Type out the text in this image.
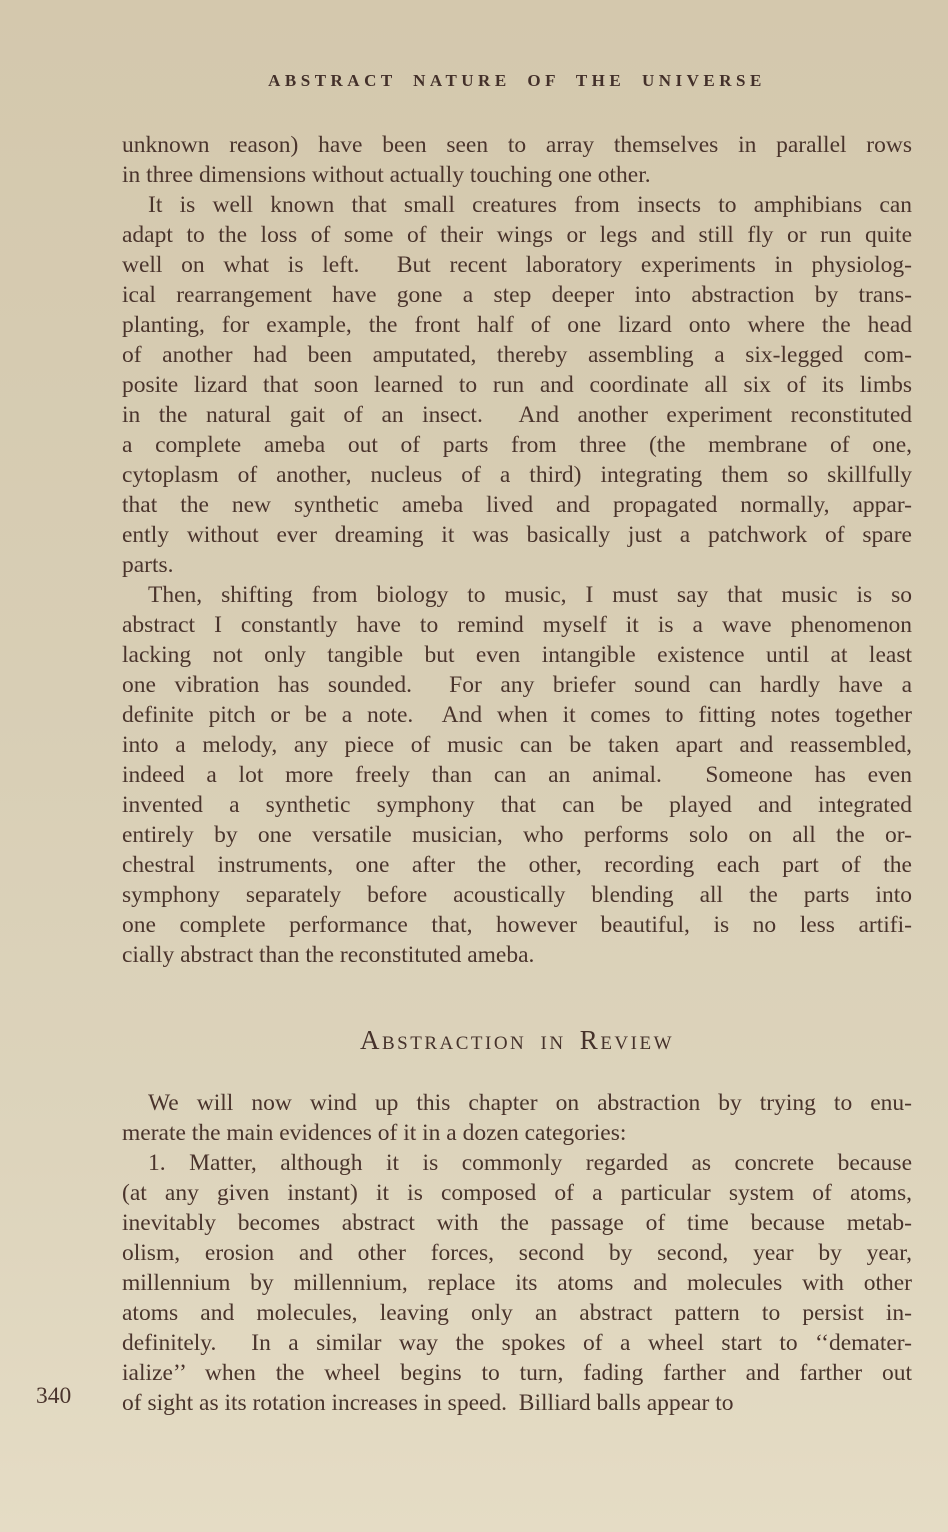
ABSTRACT NATURE OF THE UNIVERSE
unknown reason) have been seen to array themselves in parallel rows
in three dimensions without actually touching one other.
It is well known that small creatures from insects to amphibians can
adapt to the loss of some of their wings or legs and still fly or run quite
well on what is left.  But recent laboratory experiments in physiolog-
ical rearrangement have gone a step deeper into abstraction by trans-
planting, for example, the front half of one lizard onto where the head
of another had been amputated, thereby assembling a six-legged com-
posite lizard that soon learned to run and coordinate all six of its limbs
in the natural gait of an insect.  And another experiment reconstituted
a complete ameba out of parts from three (the membrane of one,
cytoplasm of another, nucleus of a third) integrating them so skillfully
that the new synthetic ameba lived and propagated normally, appar-
ently without ever dreaming it was basically just a patchwork of spare
parts.
Then, shifting from biology to music, I must say that music is so
abstract I constantly have to remind myself it is a wave phenomenon
lacking not only tangible but even intangible existence until at least
one vibration has sounded.  For any briefer sound can hardly have a
definite pitch or be a note.  And when it comes to fitting notes together
into a melody, any piece of music can be taken apart and reassembled,
indeed a lot more freely than can an animal.  Someone has even
invented a synthetic symphony that can be played and integrated
entirely by one versatile musician, who performs solo on all the or-
chestral instruments, one after the other, recording each part of the
symphony separately before acoustically blending all the parts into
one complete performance that, however beautiful, is no less artifi-
cially abstract than the reconstituted ameba.
Abstraction in Review
We will now wind up this chapter on abstraction by trying to enu-
merate the main evidences of it in a dozen categories:
1. Matter, although it is commonly regarded as concrete because
(at any given instant) it is composed of a particular system of atoms,
inevitably becomes abstract with the passage of time because metab-
olism, erosion and other forces, second by second, year by year,
millennium by millennium, replace its atoms and molecules with other
atoms and molecules, leaving only an abstract pattern to persist in-
definitely.  In a similar way the spokes of a wheel start to ‘‘demater-
ialize’’ when the wheel begins to turn, fading farther and farther out
of sight as its rotation increases in speed.  Billiard balls appear to
340
